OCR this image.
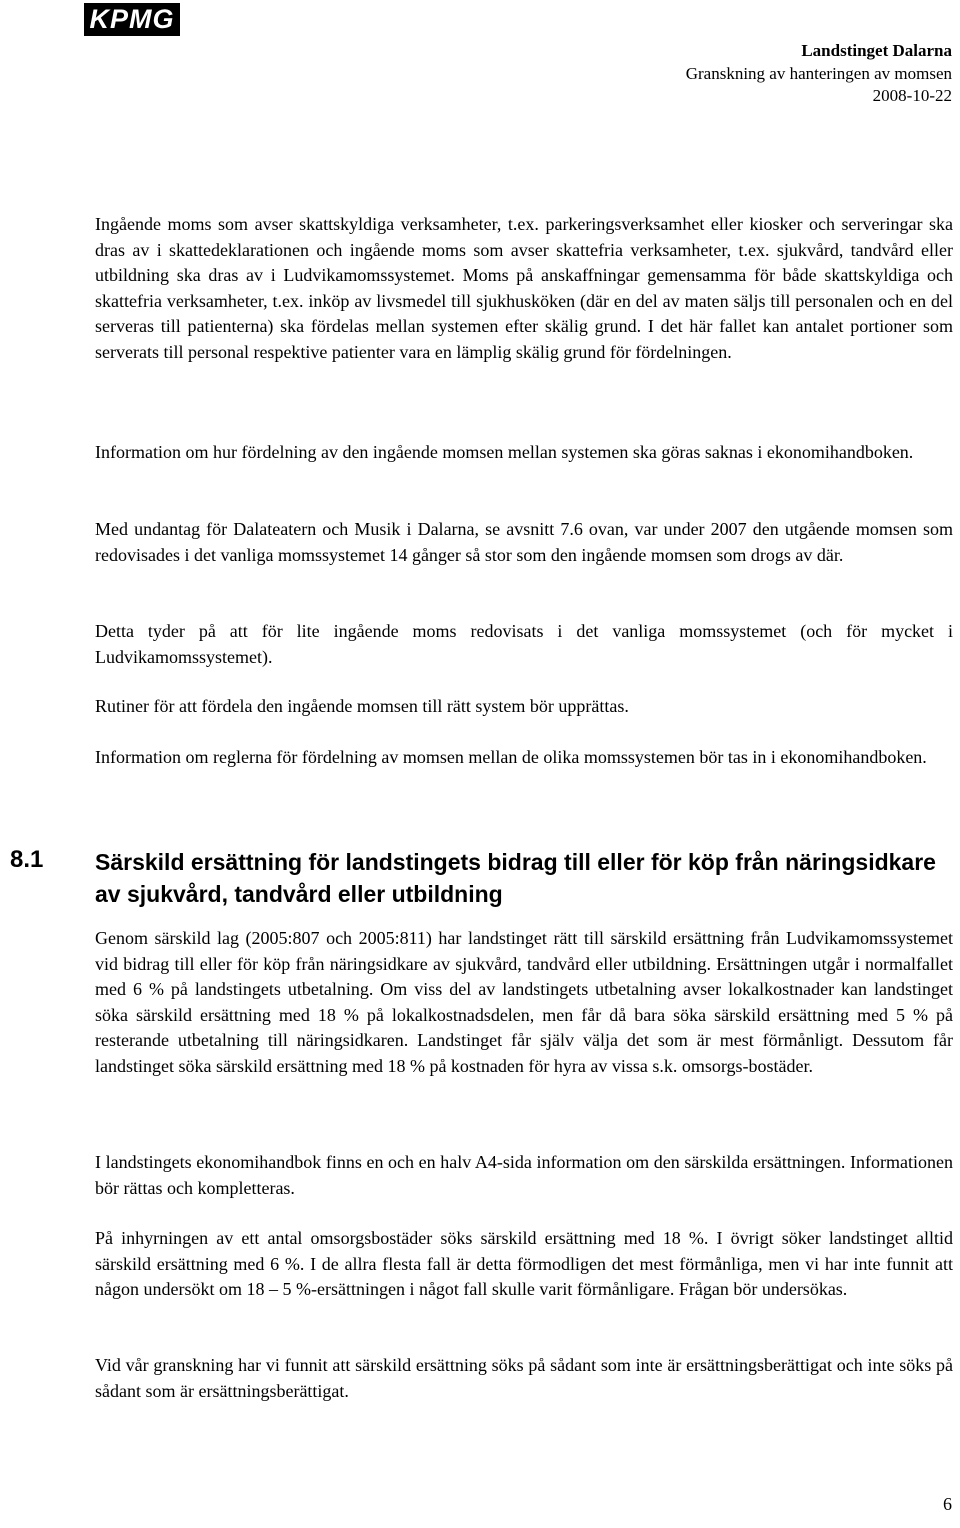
KPMG
Landstinget Dalarna
Granskning av hanteringen av momsen
2008-10-22

Ingående moms som avser skattskyldiga verksamheter, t.ex. parkeringsverksamhet eller kiosker och serveringar ska dras av i skattedeklarationen och ingående moms som avser skattefria verksamheter, t.ex. sjukvård, tandvård eller utbildning ska dras av i Ludvikamomssystemet. Moms på anskaffningar gemensamma för både skattskyldiga och skattefria verksamheter, t.ex. inköp av livsmedel till sjukhusköken (där en del av maten säljs till personalen och en del serveras till patienterna) ska fördelas mellan systemen efter skälig grund. I det här fallet kan antalet portioner som serverats till personal respektive patienter vara en lämplig skälig grund för fördelningen.

Information om hur fördelning av den ingående momsen mellan systemen ska göras saknas i ekonomihandboken.

Med undantag för Dalateatern och Musik i Dalarna, se avsnitt 7.6 ovan, var under 2007 den utgående momsen som redovisades i det vanliga momssystemet 14 gånger så stor som den ingående momsen som drogs av där.

Detta tyder på att för lite ingående moms redovisats i det vanliga momssystemet (och för mycket i Ludvikamomssystemet).

Rutiner för att fördela den ingående momsen till rätt system bör upprättas.

Information om reglerna för fördelning av momsen mellan de olika momssystemen bör tas in i ekonomihandboken.

8.1 Särskild ersättning för landstingets bidrag till eller för köp från näringsidkare av sjukvård, tandvård eller utbildning

Genom särskild lag (2005:807 och 2005:811) har landstinget rätt till särskild ersättning från Ludvikamomssystemet vid bidrag till eller för köp från näringsidkare av sjukvård, tandvård eller utbildning. Ersättningen utgår i normalfallet med 6 % på landstingets utbetalning. Om viss del av landstingets utbetalning avser lokalkostnader kan landstinget söka särskild ersättning med 18 % på lokalkostnadsdelen, men får då bara söka särskild ersättning med 5 % på resterande utbetalning till näringsidkaren. Landstinget får själv välja det som är mest förmånligt. Dessutom får landstinget söka särskild ersättning med 18 % på kostnaden för hyra av vissa s.k. omsorgs-bostäder.

I landstingets ekonomihandbok finns en och en halv A4-sida information om den särskilda ersättningen. Informationen bör rättas och kompletteras.

På inhyrningen av ett antal omsorgsbostäder söks särskild ersättning med 18 %. I övrigt söker landstinget alltid särskild ersättning med 6 %. I de allra flesta fall är detta förmodligen det mest förmånliga, men vi har inte funnit att någon undersökt om 18 – 5 %-ersättningen i något fall skulle varit förmånligare. Frågan bör undersökas.

Vid vår granskning har vi funnit att särskild ersättning söks på sådant som inte är ersättningsberättigat och inte söks på sådant som är ersättningsberättigat.

6
